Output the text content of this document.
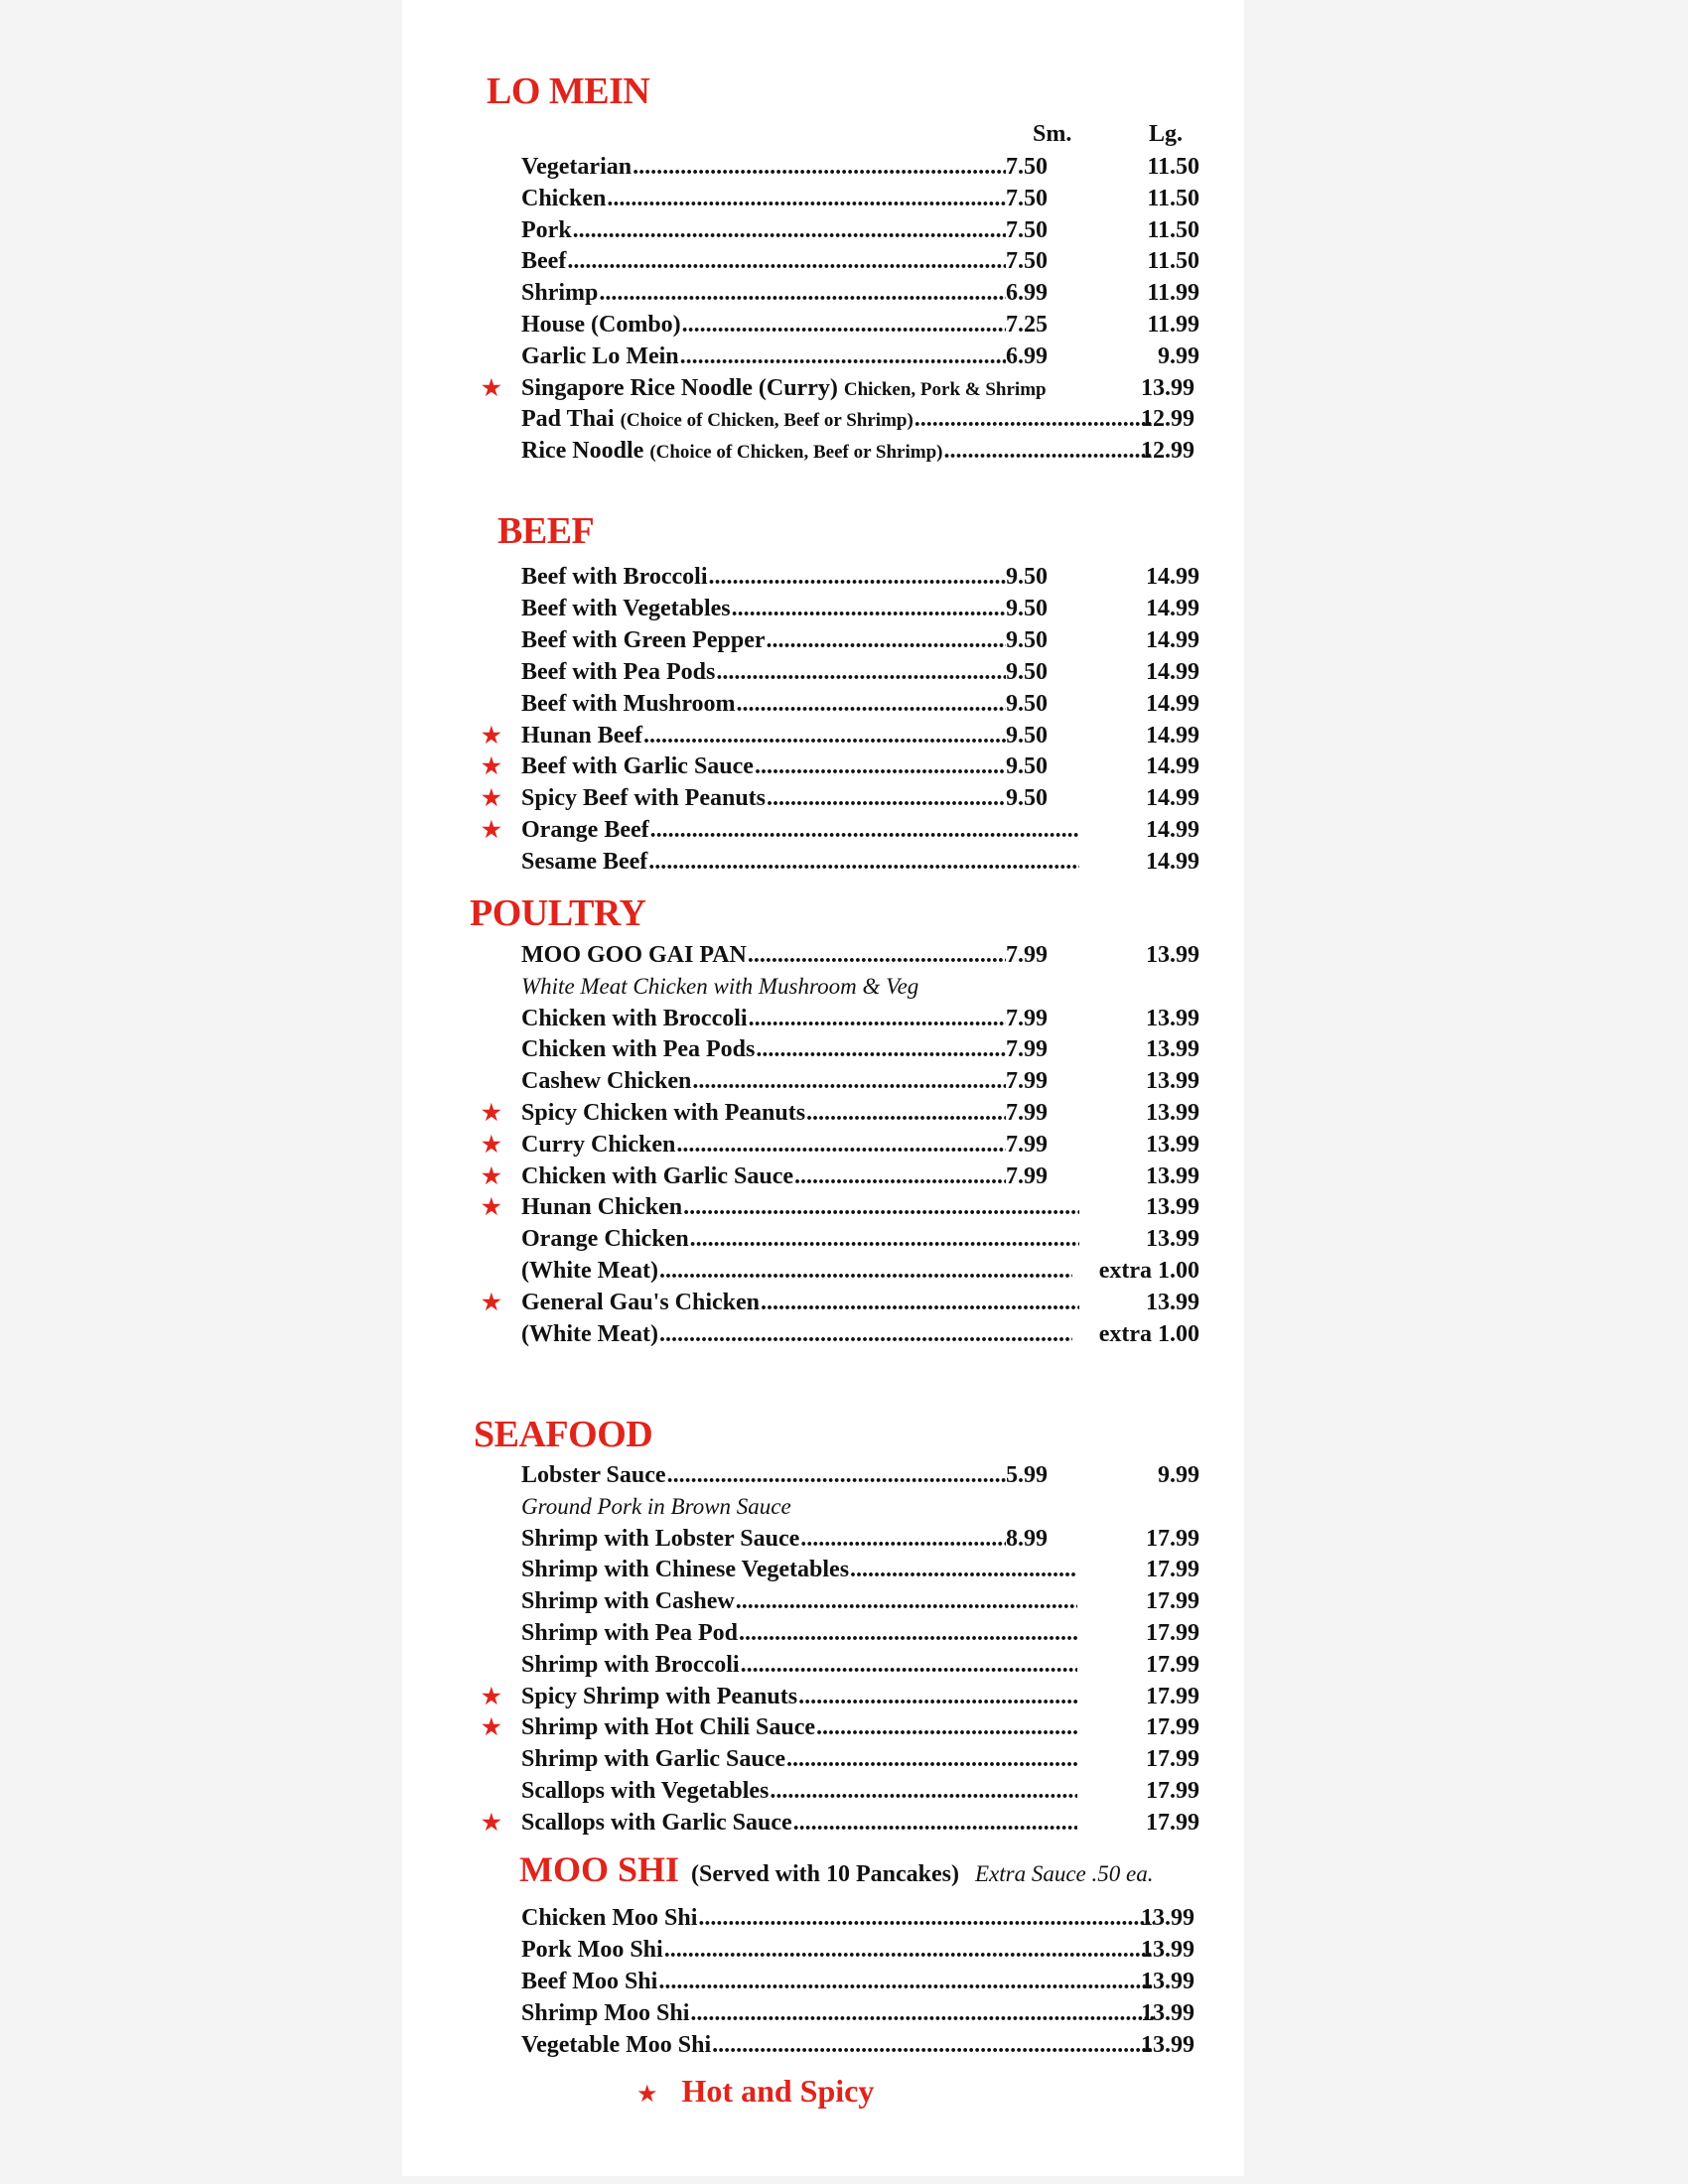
LO MEIN
Sm.	Lg.
Vegetarian .....	7.50	11.50
Chicken .....	7.50	11.50
Pork .....	7.50	11.50
Beef .....	7.50	11.50
Shrimp .....	6.99	11.99
House (Combo) .....	7.25	11.99
Garlic Lo Mein .....	6.99	9.99
★ Singapore Rice Noodle (Curry) Chicken, Pork & Shrimp	13.99
Pad Thai (Choice of Chicken, Beef or Shrimp) .....	12.99
Rice Noodle (Choice of Chicken, Beef or Shrimp) .....	12.99
BEEF
Beef with Broccoli .....	9.50	14.99
Beef with Vegetables .....	9.50	14.99
Beef with Green Pepper .....	9.50	14.99
Beef with Pea Pods .....	9.50	14.99
Beef with Mushroom .....	9.50	14.99
★ Hunan Beef .....	9.50	14.99
★ Beef with Garlic Sauce .....	9.50	14.99
★ Spicy Beef with Peanuts .....	9.50	14.99
★ Orange Beef .....	14.99
Sesame Beef .....	14.99
POULTRY
MOO GOO GAI PAN .....	7.99	13.99
White Meat Chicken with Mushroom & Veg
Chicken with Broccoli .....	7.99	13.99
Chicken with Pea Pods .....	7.99	13.99
Cashew Chicken .....	7.99	13.99
★ Spicy Chicken with Peanuts .....	7.99	13.99
★ Curry Chicken .....	7.99	13.99
★ Chicken with Garlic Sauce .....	7.99	13.99
★ Hunan Chicken .....	13.99
Orange Chicken .....	13.99
(White Meat) .....	extra 1.00
★ General Gau's Chicken .....	13.99
(White Meat) .....	extra 1.00
SEAFOOD
Lobster Sauce .....	5.99	9.99
Ground Pork in Brown Sauce
Shrimp with Lobster Sauce .....	8.99	17.99
Shrimp with Chinese Vegetables .....	17.99
Shrimp with Cashew .....	17.99
Shrimp with Pea Pod .....	17.99
Shrimp with Broccoli .....	17.99
★ Spicy Shrimp with Peanuts .....	17.99
★ Shrimp with Hot Chili Sauce .....	17.99
Shrimp with Garlic Sauce .....	17.99
Scallops with Vegetables .....	17.99
★ Scallops with Garlic Sauce .....	17.99
MOO SHI (Served with 10 Pancakes) Extra Sauce .50 ea.
Chicken Moo Shi .....	13.99
Pork Moo Shi .....	13.99
Beef Moo Shi .....	13.99
Shrimp Moo Shi .....	13.99
Vegetable Moo Shi .....	13.99
★ Hot and Spicy
